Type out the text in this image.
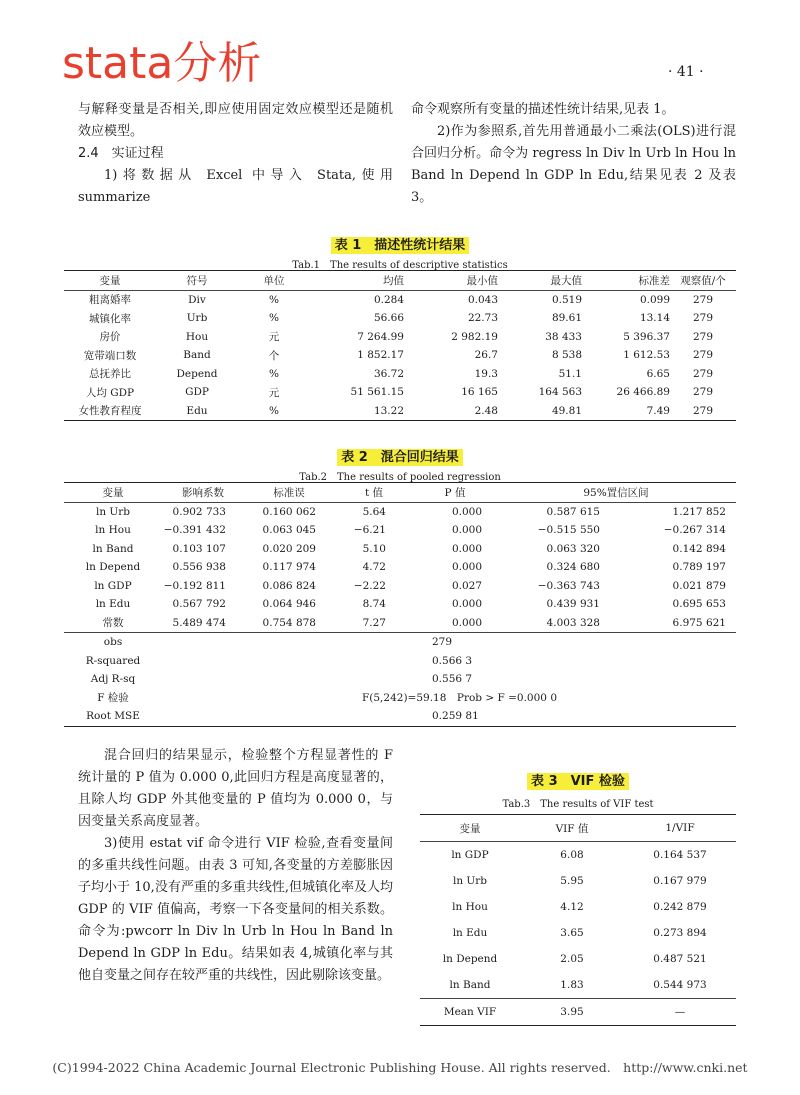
stata分析	· 41 ·

与解释变量是否相关,即应使用固定效应模型还是随机效应模型。

2.4　实证过程

1)将数据从 Excel 中导入 Stata,使用 summarize

命令观察所有变量的描述性统计结果,见表 1。

2)作为参照系,首先用普通最小二乘法(OLS)进行混合回归分析。命令为 regress ln Div ln Urb ln Hou ln Band ln Depend ln GDP ln Edu,结果见表 2 及表 3。

表 1　描述性统计结果
Tab.1　The results of descriptive statistics
变量	符号	单位	均值	最小值	最大值	标准差	观察值/个
粗离婚率	Div	%	0.284	0.043	0.519	0.099	279
城镇化率	Urb	%	56.66	22.73	89.61	13.14	279
房价	Hou	元	7 264.99	2 982.19	38 433	5 396.37	279
宽带端口数	Band	个	1 852.17	26.7	8 538	1 612.53	279
总抚养比	Depend	%	36.72	19.3	51.1	6.65	279
人均 GDP	GDP	元	51 561.15	16 165	164 563	26 466.89	279
女性教育程度	Edu	%	13.22	2.48	49.81	7.49	279
表 2　混合回归结果
Tab.2　The results of pooled regression
变量	影响系数	标准误	t 值	P 值	95%置信区间		
ln Urb	0.902 733	0.160 062	5.64	0.000	0.587 615	1.217 852	
ln Hou	−0.391 432	0.063 045	−6.21	0.000	−0.515 550	−0.267 314	
ln Band	0.103 107	0.020 209	5.10	0.000	0.063 320	0.142 894	
ln Depend	0.556 938	0.117 974	4.72	0.000	0.324 680	0.789 197	
ln GDP	−0.192 811	0.086 824	−2.22	0.027	−0.363 743	0.021 879	
ln Edu	0.567 792	0.064 946	8.74	0.000	0.439 931	0.695 653	
常数	5.489 474	0.754 878	7.27	0.000	4.003 328	6.975 621	
obs	279						
R-squared	0.566 3						
Adj R-sq	0.556 7						
F 检验	F(5,242)=59.18　Prob > F =0.000 0						
Root MSE	0.259 81						

混合回归的结果显示，检验整个方程显著性的 F 统计量的 P 值为 0.000 0,此回归方程是高度显著的，且除人均 GDP 外其他变量的 P 值均为 0.000 0，与因变量关系高度显著。

3)使用 estat vif 命令进行 VIF 检验,查看变量间的多重共线性问题。由表 3 可知,各变量的方差膨胀因子均小于 10,没有严重的多重共线性,但城镇化率及人均 GDP 的 VIF 值偏高，考察一下各变量间的相关系数。命令为:pwcorr ln Div ln Urb ln Hou ln Band ln Depend ln GDP ln Edu。结果如表 4,城镇化率与其他自变量之间存在较严重的共线性，因此剔除该变量。

表 3　VIF 检验
Tab.3　The results of VIF test
变量	VIF 值	1/VIF
ln GDP	6.08	0.164 537
ln Urb	5.95	0.167 979
ln Hou	4.12	0.242 879
ln Edu	3.65	0.273 894
ln Depend	2.05	0.487 521
ln Band	1.83	0.544 973
Mean VIF	3.95	—
(C)1994-2022 China Academic Journal Electronic Publishing House. All rights reserved.　http://www.cnki.net
